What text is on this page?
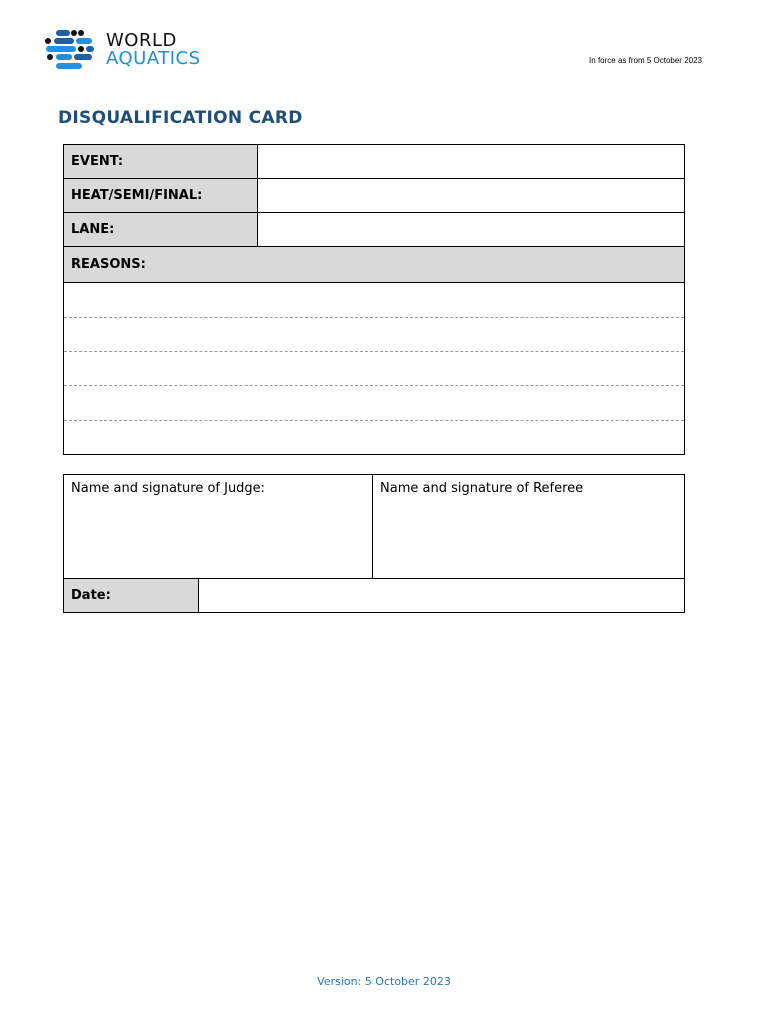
WORLD
AQUATICS	In force as from 5 October 2023
DISQUALIFICATION CARD
EVENT:
HEAT/SEMI/FINAL:
LANE:
REASONS:
Name and signature of Judge:	Name and signature of Referee
Date:
Version: 5 October 2023
